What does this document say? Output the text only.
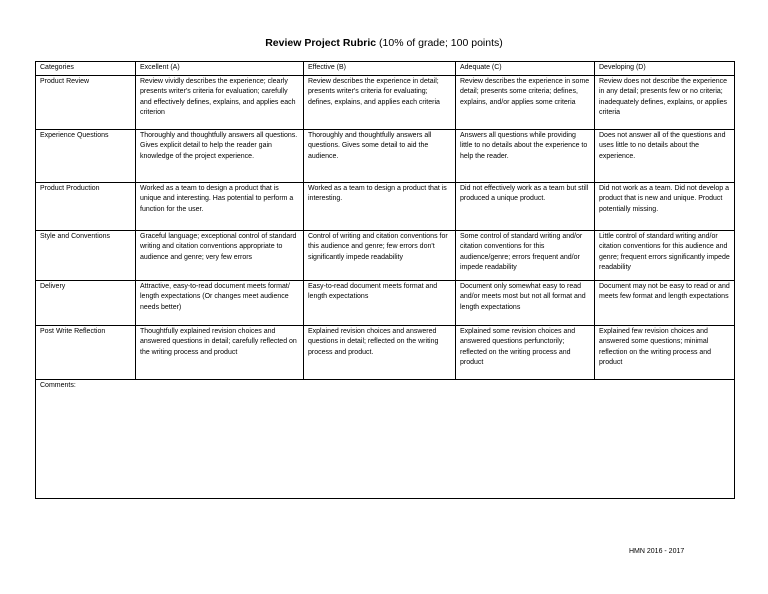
Review Project Rubric (10% of grade; 100 points)
Categories	Excellent (A)	Effective (B)	Adequate (C)	Developing (D)
Product Review	Review vividly describes the experience; clearly presents writer's criteria for evaluation; carefully and effectively defines, explains, and applies each criterion	Review describes the experience in detail; presents writer's criteria for evaluating; defines, explains, and applies each criteria	Review describes the experience in some detail; presents some criteria; defines, explains, and/or applies some criteria	Review does not describe the experience in any detail; presents few or no criteria; inadequately defines, explains, or applies criteria
Experience Questions	Thoroughly and thoughtfully answers all questions. Gives explicit detail to help the reader gain knowledge of the project experience.	Thoroughly and thoughtfully answers all questions. Gives some detail to aid the audience.	Answers all questions while providing little to no details about the experience to help the reader.	Does not answer all of the questions and uses little to no details about the experience.
Product Production	Worked as a team to design a product that is unique and interesting. Has potential to perform a function for the user.	Worked as a team to design a product that is interesting.	Did not effectively work as a team but still produced a unique product.	Did not work as a team. Did not develop a product that is new and unique. Product potentially missing.
Style and Conventions	Graceful language; exceptional control of standard writing and citation conventions appropriate to audience and genre; very few errors	Control of writing and citation conventions for this audience and genre; few errors don't significantly impede readability	Some control of standard writing and/or citation conventions for this audience/genre; errors frequent and/or impede readability	Little control of standard writing and/or citation conventions for this audience and genre; frequent errors significantly impede readability
Delivery	Attractive, easy-to-read document meets format/ length expectations (Or changes meet audience needs better)	Easy-to-read document meets format and length expectations	Document only somewhat easy to read and/or meets most but not all format and length expectations	Document may not be easy to read or and meets few format and length expectations
Post Write Reflection	Thoughtfully explained revision choices and answered questions in detail; carefully reflected on the writing process and product	Explained revision choices and answered questions in detail; reflected on the writing process and product.	Explained some revision choices and answered questions perfunctorily; reflected on the writing process and product	Explained few revision choices and answered some questions; minimal reflection on the writing process and product
Comments:				
HMN 2016 - 2017
